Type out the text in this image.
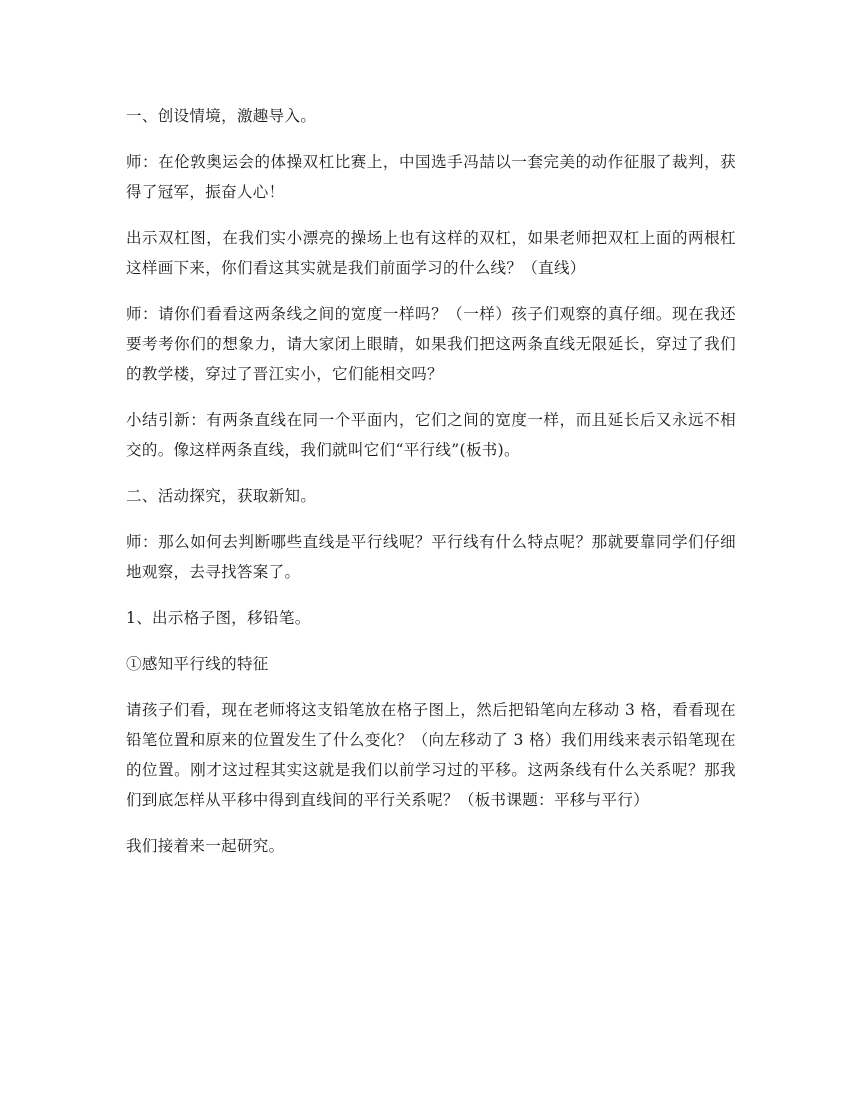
一、创设情境，激趣导入。

师：在伦敦奥运会的体操双杠比赛上，中国选手冯喆以一套完美的动作征服了裁判，获得了冠军，振奋人心！

出示双杠图，在我们实小漂亮的操场上也有这样的双杠，如果老师把双杠上面的两根杠这样画下来，你们看这其实就是我们前面学习的什么线？（直线）

师：请你们看看这两条线之间的宽度一样吗？（一样）孩子们观察的真仔细。现在我还要考考你们的想象力，请大家闭上眼睛，如果我们把这两条直线无限延长，穿过了我们的教学楼，穿过了晋江实小，它们能相交吗？

小结引新：有两条直线在同一个平面内，它们之间的宽度一样，而且延长后又永远不相交的。像这样两条直线，我们就叫它们“平行线”(板书)。

二、活动探究，获取新知。

师：那么如何去判断哪些直线是平行线呢？平行线有什么特点呢？那就要靠同学们仔细地观察，去寻找答案了。

1、出示格子图，移铅笔。

①感知平行线的特征

请孩子们看，现在老师将这支铅笔放在格子图上，然后把铅笔向左移动 3 格，看看现在铅笔位置和原来的位置发生了什么变化？（向左移动了 3 格）我们用线来表示铅笔现在的位置。刚才这过程其实这就是我们以前学习过的平移。这两条线有什么关系呢？那我们到底怎样从平移中得到直线间的平行关系呢？（板书课题：平移与平行）

我们接着来一起研究。
